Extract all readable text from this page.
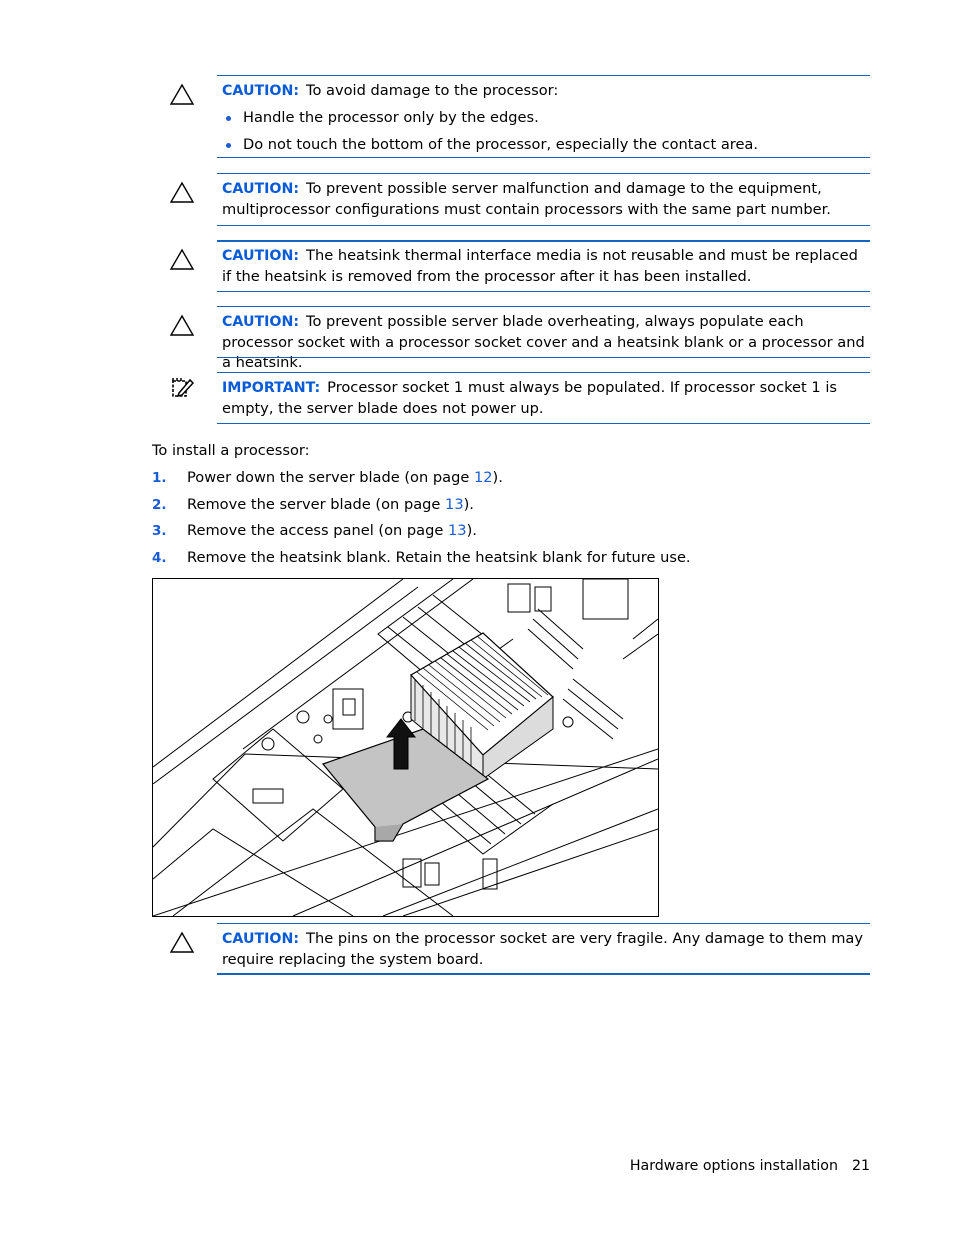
CAUTION: To avoid damage to the processor:
Handle the processor only by the edges.
Do not touch the bottom of the processor, especially the contact area.
CAUTION: To prevent possible server malfunction and damage to the equipment, multiprocessor configurations must contain processors with the same part number.
CAUTION: The heatsink thermal interface media is not reusable and must be replaced if the heatsink is removed from the processor after it has been installed.
CAUTION: To prevent possible server blade overheating, always populate each processor socket with a processor socket cover and a heatsink blank or a processor and a heatsink.
IMPORTANT: Processor socket 1 must always be populated. If processor socket 1 is empty, the server blade does not power up.
To install a processor:
1. Power down the server blade (on page 12).
2. Remove the server blade (on page 13).
3. Remove the access panel (on page 13).
4. Remove the heatsink blank. Retain the heatsink blank for future use.
CAUTION: The pins on the processor socket are very fragile. Any damage to them may require replacing the system board.
Hardware options installation 21
